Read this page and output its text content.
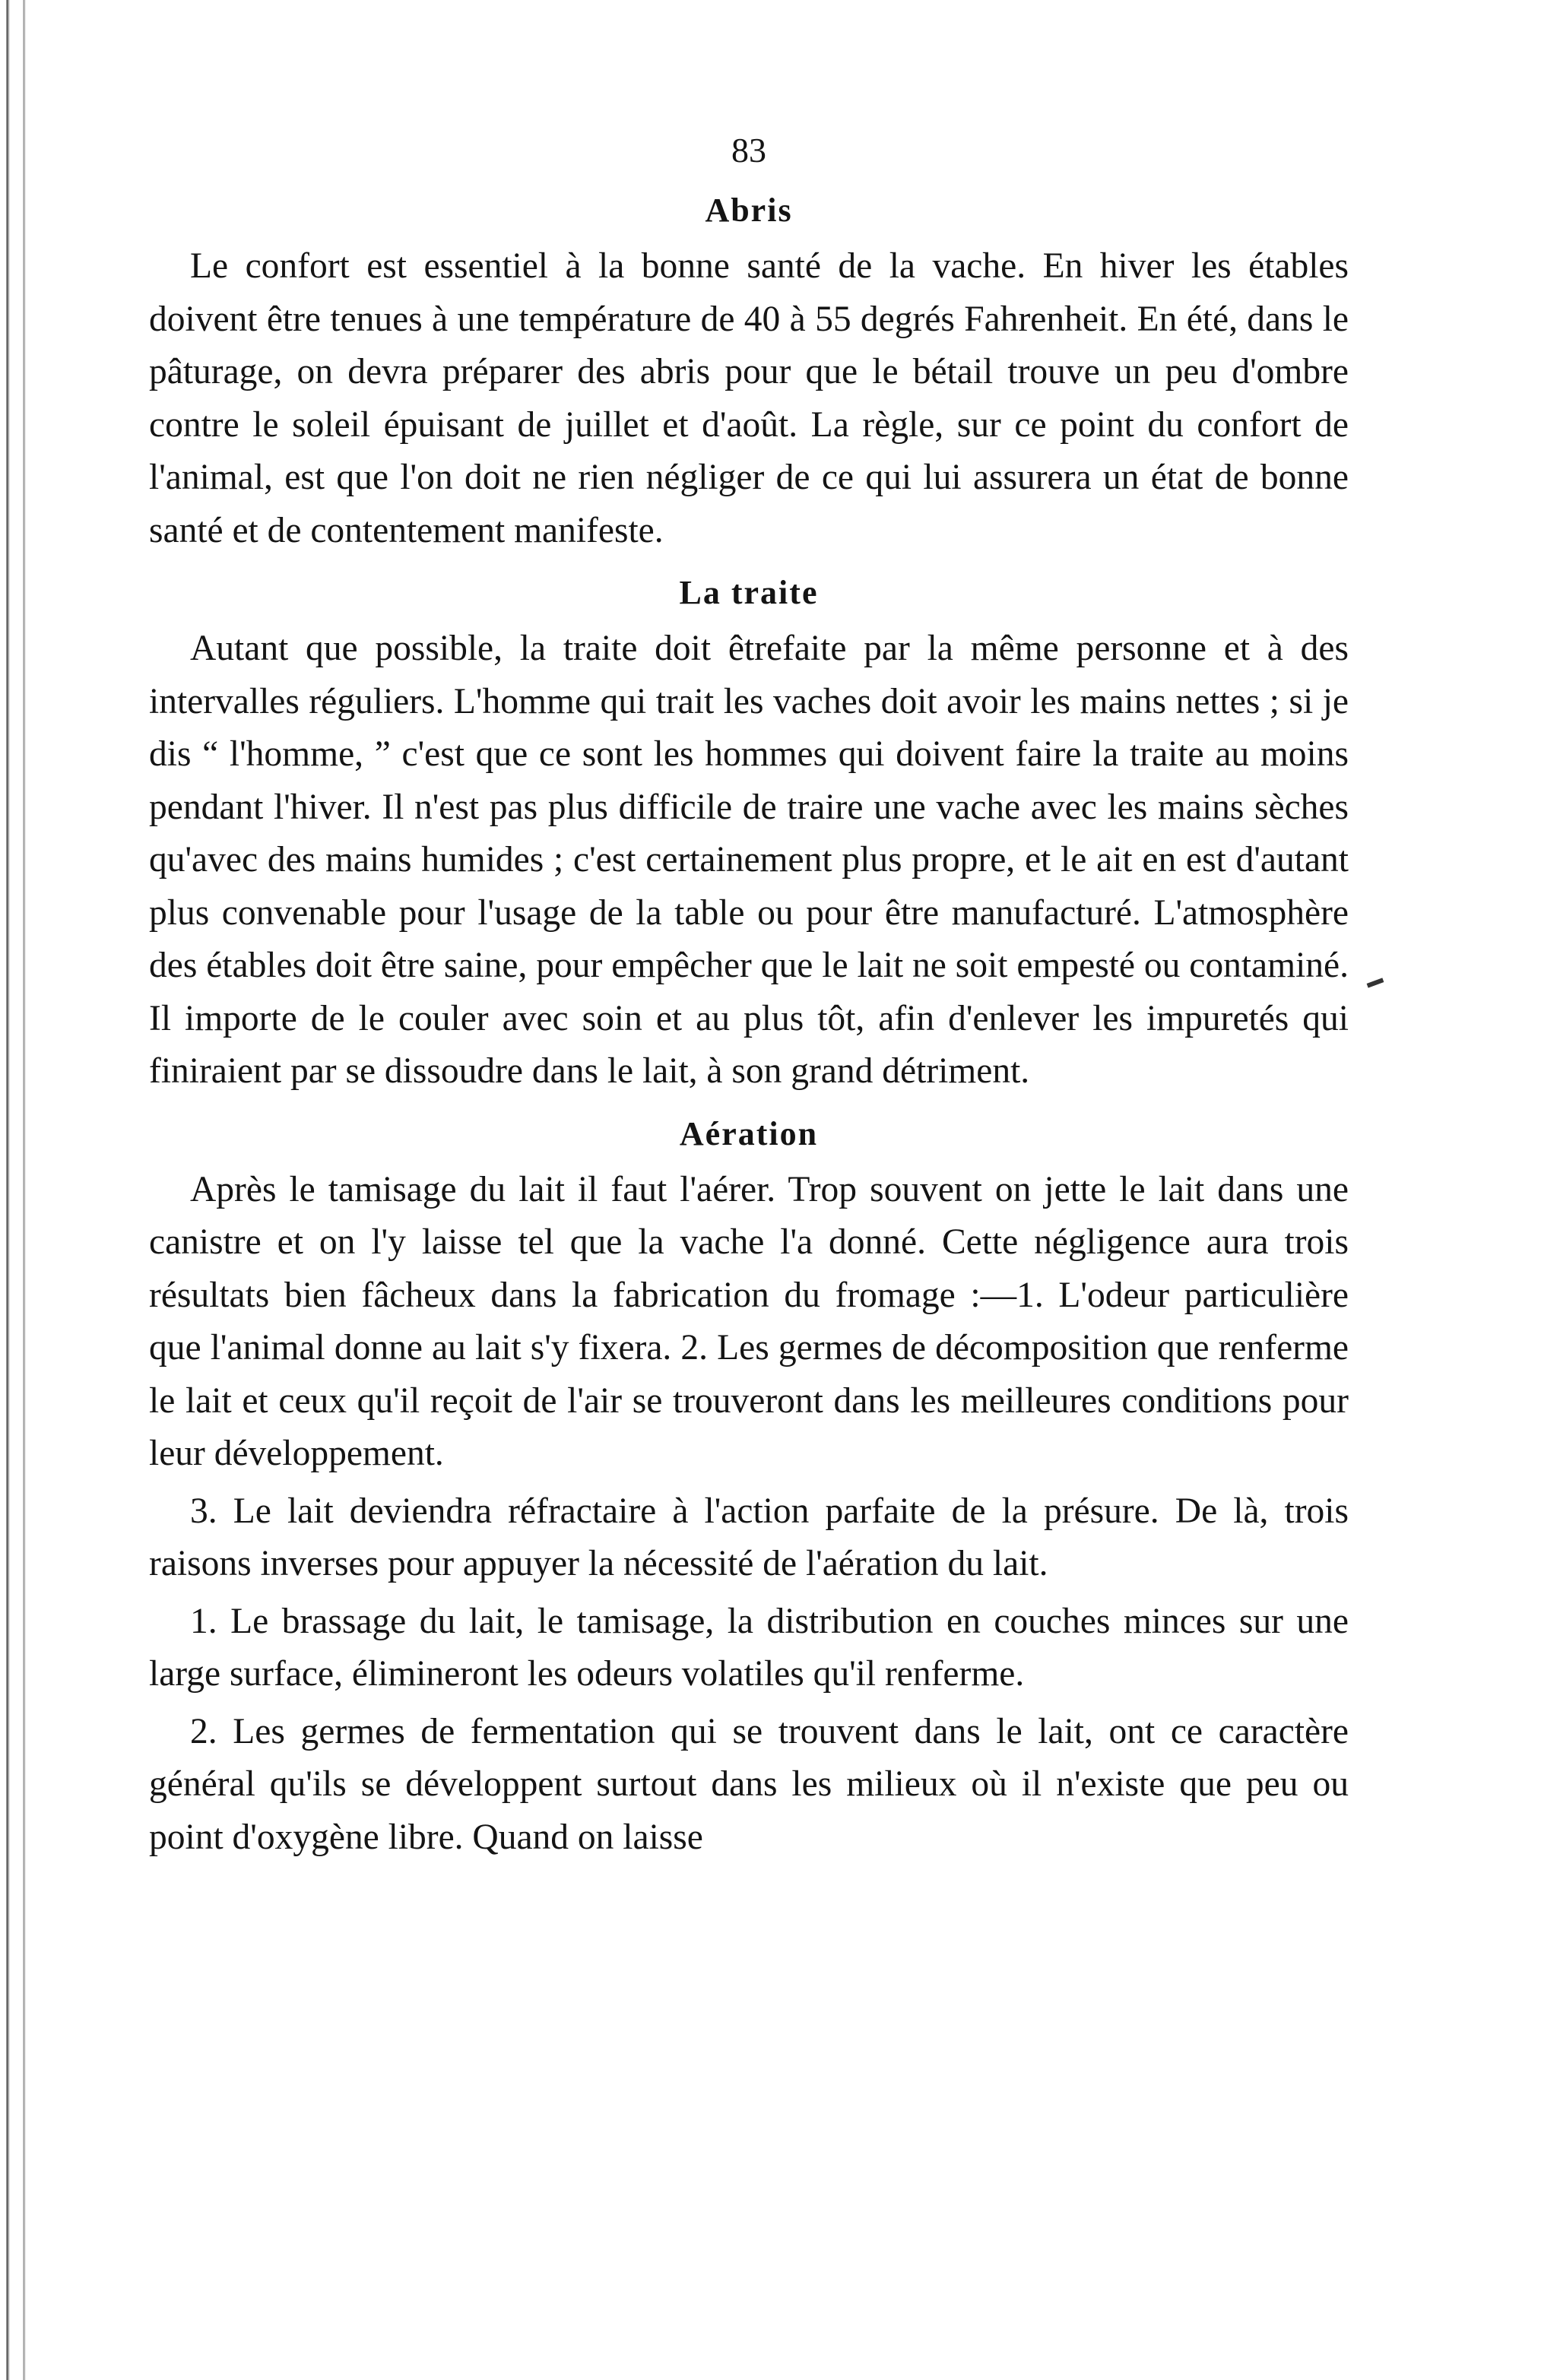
83
Abris

Le confort est essentiel à la bonne santé de la vache. En hiver les étables doivent être tenues à une température de 40 à 55 degrés Fahrenheit. En été, dans le pâturage, on devra préparer des abris pour que le bétail trouve un peu d'ombre contre le soleil épuisant de juillet et d'août. La règle, sur ce point du confort de l'animal, est que l'on doit ne rien négliger de ce qui lui assurera un état de bonne santé et de contentement manifeste.

La traite

Autant que possible, la traite doit êtrefaite par la même personne et à des intervalles réguliers. L'homme qui trait les vaches doit avoir les mains nettes ; si je dis “ l'homme, ” c'est que ce sont les hommes qui doivent faire la traite au moins pendant l'hiver. Il n'est pas plus difficile de traire une vache avec les mains sèches qu'avec des mains humides ; c'est certainement plus propre, et le ait en est d'autant plus convenable pour l'usage de la table ou pour être manufacturé. L'atmosphère des étables doit être saine, pour empêcher que le lait ne soit empesté ou contaminé. Il importe de le couler avec soin et au plus tôt, afin d'enlever les impuretés qui finiraient par se dissoudre dans le lait, à son grand détriment.

Aération

Après le tamisage du lait il faut l'aérer. Trop souvent on jette le lait dans une canistre et on l'y laisse tel que la vache l'a donné. Cette négligence aura trois résultats bien fâcheux dans la fabrication du fromage :—1. L'odeur particulière que l'animal donne au lait s'y fixera. 2. Les germes de décomposition que renferme le lait et ceux qu'il reçoit de l'air se trouveront dans les meilleures conditions pour leur développement.

3. Le lait deviendra réfractaire à l'action parfaite de la présure. De là, trois raisons inverses pour appuyer la nécessité de l'aération du lait.

1. Le brassage du lait, le tamisage, la distribution en couches minces sur une large surface, élimineront les odeurs volatiles qu'il renferme.

2. Les germes de fermentation qui se trouvent dans le lait, ont ce caractère général qu'ils se développent surtout dans les milieux où il n'existe que peu ou point d'oxygène libre. Quand on laisse
